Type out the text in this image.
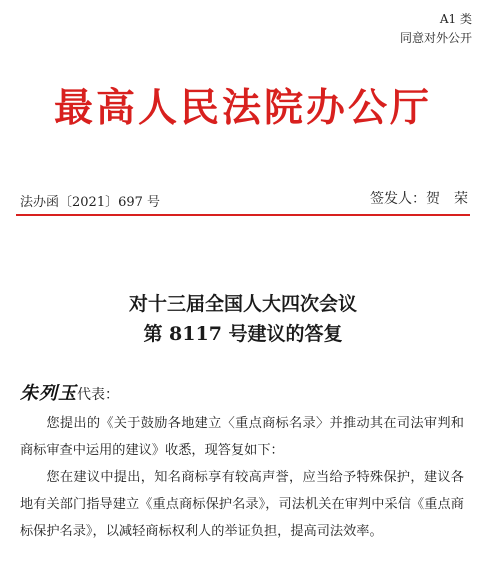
A1 类
同意对外公开
最高人民法院办公厅
法办函〔2021〕697 号	签发人：贺　荣
对十三届全国人大四次会议
第 8117 号建议的答复
朱列玉代表：

您提出的《关于鼓励各地建立〈重点商标名录〉并推动其在司法审判和商标审查中运用的建议》收悉，现答复如下：

您在建议中提出，知名商标享有较高声誉，应当给予特殊保护，建议各地有关部门指导建立《重点商标保护名录》，司法机关在审判中采信《重点商标保护名录》，以减轻商标权利人的举证负担，提高司法效率。
